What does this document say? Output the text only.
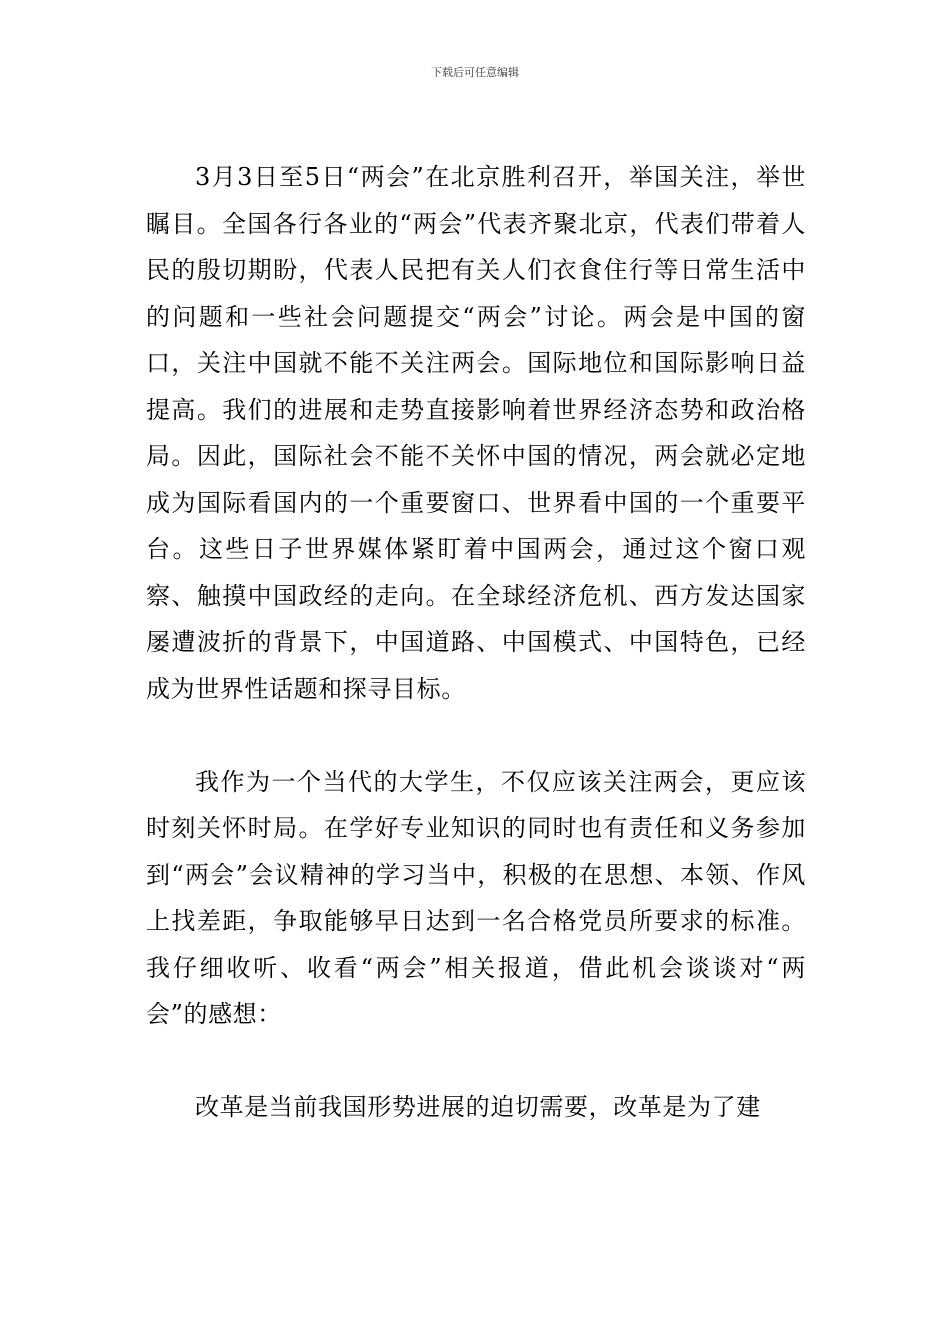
下载后可任意编辑

3月3日至5日“两会”在北京胜利召开，举国关注，举世瞩目。全国各行各业的“两会”代表齐聚北京，代表们带着人民的殷切期盼，代表人民把有关人们衣食住行等日常生活中的问题和一些社会问题提交“两会”讨论。两会是中国的窗口，关注中国就不能不关注两会。国际地位和国际影响日益提高。我们的进展和走势直接影响着世界经济态势和政治格局。因此，国际社会不能不关怀中国的情况，两会就必定地成为国际看国内的一个重要窗口、世界看中国的一个重要平台。这些日子世界媒体紧盯着中国两会，通过这个窗口观察、触摸中国政经的走向。在全球经济危机、西方发达国家屡遭波折的背景下，中国道路、中国模式、中国特色，已经成为世界性话题和探寻目标。

我作为一个当代的大学生，不仅应该关注两会，更应该时刻关怀时局。在学好专业知识的同时也有责任和义务参加到“两会”会议精神的学习当中，积极的在思想、本领、作风上找差距，争取能够早日达到一名合格党员所要求的标准。我仔细收听、收看“两会”相关报道，借此机会谈谈对“两会”的感想：

改革是当前我国形势进展的迫切需要，改革是为了建
